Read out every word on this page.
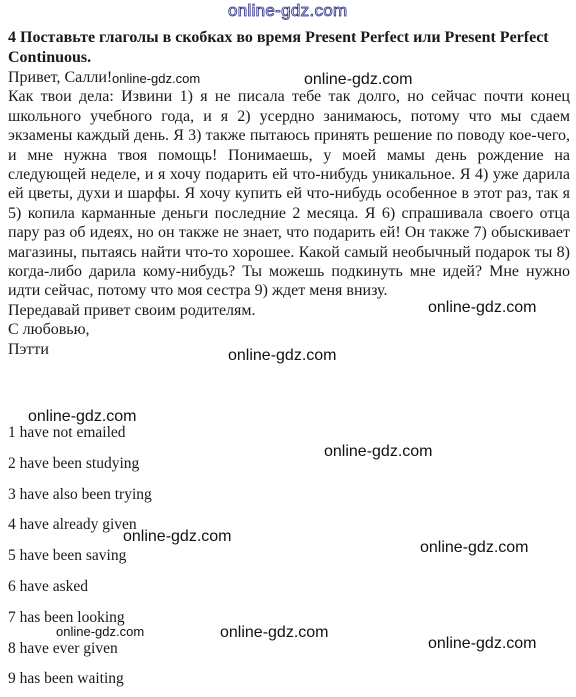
online-gdz.com
4 Поставьте глаголы в скобках во время Present Perfect или Present Perfect Continuous.

Привет, Салли!

Как твои дела: Извини 1) я не писала тебе так долго, но сейчас почти конец школьного учебного года, и я 2) усердно занимаюсь, потому что мы сдаем экзамены каждый день. Я 3) также пытаюсь принять решение по поводу кое-чего, и мне нужна твоя помощь! Понимаешь, у моей мамы день рождение на следующей неделе, и я хочу подарить ей что-нибудь уникальное. Я 4) уже дарила ей цветы, духи и шарфы. Я хочу купить ей что-нибудь особенное в этот раз, так я 5) копила карманные деньги последние 2 месяца. Я 6) спрашивала своего отца пару раз об идеях, но он также не знает, что подарить ей! Он также 7) обыскивает магазины, пытаясь найти что-то хорошее. Какой самый необычный подарок ты 8) когда-либо дарила кому-нибудь? Ты можешь подкинуть мне идей? Мне нужно идти сейчас, потому что моя сестра 9) ждет меня внизу.

Передавай привет своим родителям.

С любовью,

Пэтти

1 have not emailed
2 have been studying
3 have also been trying
4 have already given
5 have been saving
6 have asked
7 has been looking
8 have ever given
9 has been waiting
online-gdz.com	online-gdz.com
online-gdz.com
online-gdz.com
online-gdz.com
online-gdz.com
online-gdz.com
online-gdz.com
online-gdz.com	online-gdz.com
online-gdz.com
